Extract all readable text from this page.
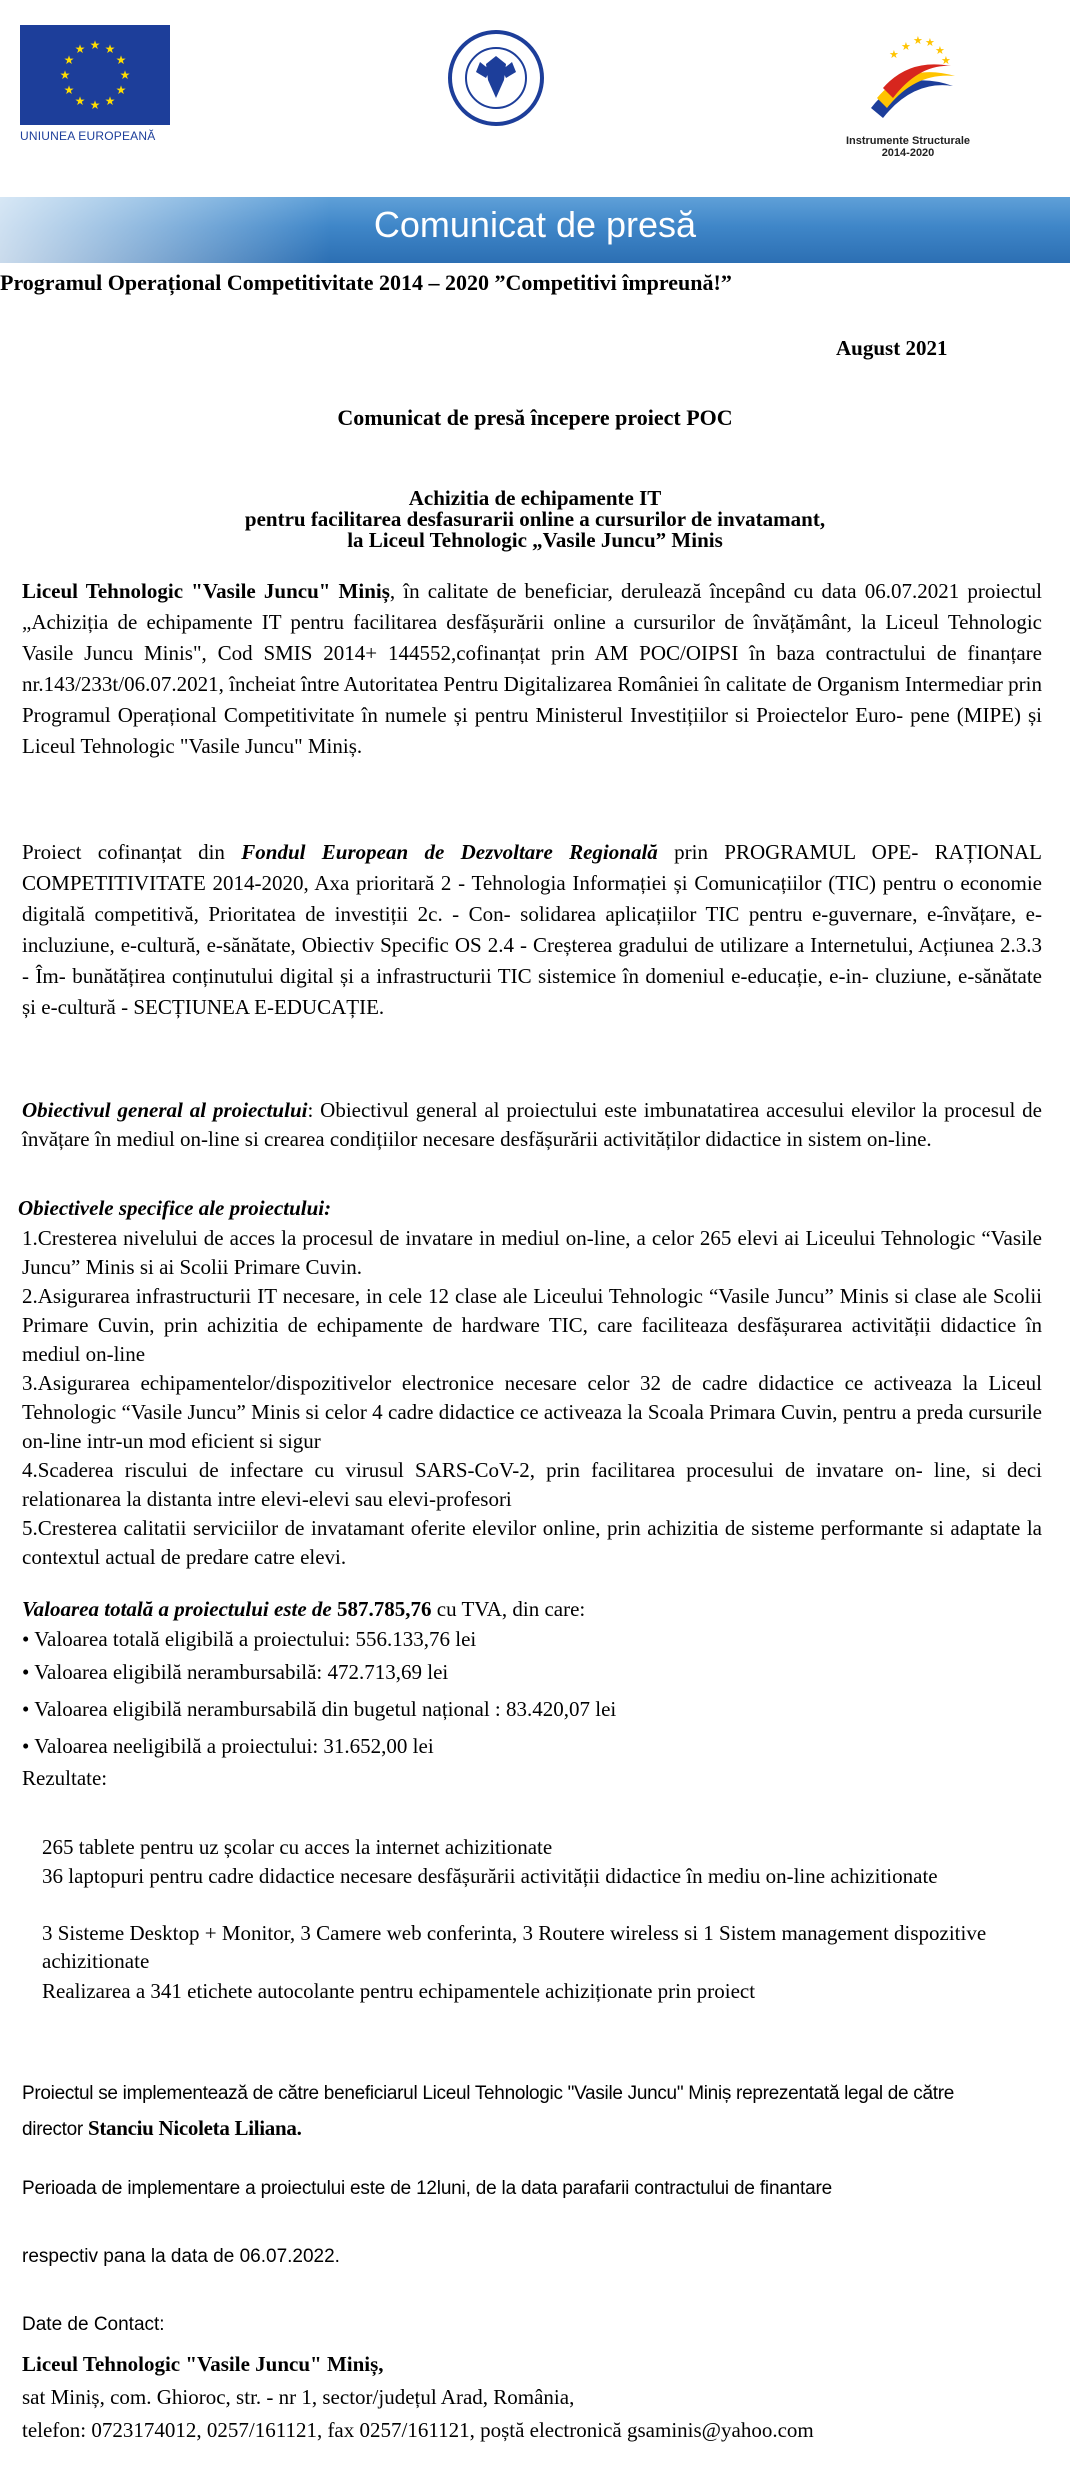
★ ★
★
★
★
★
★
★
★
★
★
★
UNIUNEA EUROPEANĂ
★ ★ ★
★
★
★
Instrumente Structurale
2014-2020
Comunicat de presă
Programul Operațional Competitivitate 2014 – 2020 ”Competitivi împreună!”
August 2021
Comunicat de presă începere proiect POC
Achizitia de echipamente IT
pentru facilitarea desfasurarii online a cursurilor de invatamant,
la Liceul Tehnologic „Vasile Juncu” Minis
Liceul Tehnologic "Vasile Juncu" Miniș, în calitate de beneficiar, derulează începând cu data 06.07.2021 proiectul „Achiziția de echipamente IT pentru facilitarea desfășurării online a cursurilor de învățământ, la Liceul Tehnologic Vasile Juncu Minis", Cod SMIS 2014+ 144552,cofinanțat prin AM POC/OIPSI în baza contractului de finanțare nr.143/233t/06.07.2021, încheiat între Autoritatea Pentru Digitalizarea României în calitate de Organism Intermediar prin Programul Operațional Competitivitate în numele și pentru Ministerul Investițiilor si Proiectelor Euro- pene (MIPE) și Liceul Tehnologic "Vasile Juncu" Miniș.
Proiect cofinanțat din Fondul European de Dezvoltare Regională prin PROGRAMUL OPE- RAȚIONAL COMPETITIVITATE 2014-2020, Axa prioritară 2 - Tehnologia Informației și Comunicațiilor (TIC) pentru o economie digitală competitivă, Prioritatea de investiții 2c. - Con- solidarea aplicațiilor TIC pentru e-guvernare, e-învățare, e-incluziune, e-cultură, e-sănătate, Obiectiv Specific OS 2.4 - Creșterea gradului de utilizare a Internetului, Acțiunea 2.3.3 - Îm- bunătățirea conținutului digital și a infrastructurii TIC sistemice în domeniul e-educație, e-in- cluziune, e-sănătate și e-cultură - SECȚIUNEA E-EDUCAȚIE.
Obiectivul general al proiectului: Obiectivul general al proiectului este imbunatatirea accesului elevilor la procesul de învățare în mediul on-line si crearea condițiilor necesare desfășurării activităților didactice in sistem on-line.
Obiectivele specifice ale proiectului:
1.Cresterea nivelului de acces la procesul de invatare in mediul on-line, a celor 265 elevi ai Liceului Tehnologic “Vasile Juncu” Minis si ai Scolii Primare Cuvin.
2.Asigurarea infrastructurii IT necesare, in cele 12 clase ale Liceului Tehnologic “Vasile Juncu” Minis si clase ale Scolii Primare Cuvin, prin achizitia de echipamente de hardware TIC, care faciliteaza desfășurarea activității didactice în mediul on-line
3.Asigurarea echipamentelor/dispozitivelor electronice necesare celor 32 de cadre didactice ce activeaza la Liceul Tehnologic “Vasile Juncu” Minis si celor 4 cadre didactice ce activeaza la Scoala Primara Cuvin, pentru a preda cursurile on-line intr-un mod eficient si sigur
4.Scaderea riscului de infectare cu virusul SARS-CoV-2, prin facilitarea procesului de invatare on- line, si deci relationarea la distanta intre elevi-elevi sau elevi-profesori
5.Cresterea calitatii serviciilor de invatamant oferite elevilor online, prin achizitia de sisteme performante si adaptate la contextul actual de predare catre elevi.
Valoarea totală a proiectului este de 587.785,76 cu TVA, din care:
• Valoarea totală eligibilă a proiectului: 556.133,76 lei
• Valoarea eligibilă nerambursabilă: 472.713,69 lei
• Valoarea eligibilă nerambursabilă din bugetul național : 83.420,07 lei
• Valoarea neeligibilă a proiectului: 31.652,00 lei
Rezultate:
265 tablete pentru uz școlar cu acces la internet achizitionate
36 laptopuri pentru cadre didactice necesare desfășurării activității didactice în mediu on-line achizitionate
3 Sisteme Desktop + Monitor, 3 Camere web conferinta, 3 Routere wireless si 1 Sistem management dispozitive achizitionate
Realizarea a 341 etichete autocolante pentru echipamentele achiziționate prin proiect
Proiectul se implementează de către beneficiarul Liceul Tehnologic "Vasile Juncu" Miniș reprezentată legal de către director Stanciu Nicoleta Liliana.
Perioada de implementare a proiectului este de 12luni, de la data parafarii contractului de finantare
respectiv pana la data de 06.07.2022.
Date de Contact:
Liceul Tehnologic "Vasile Juncu" Miniș,
sat Miniș, com. Ghioroc, str. - nr 1, sector/județul Arad, România,
telefon: 0723174012, 0257/161121, fax 0257/161121, poștă electronică gsaminis@yahoo.com
